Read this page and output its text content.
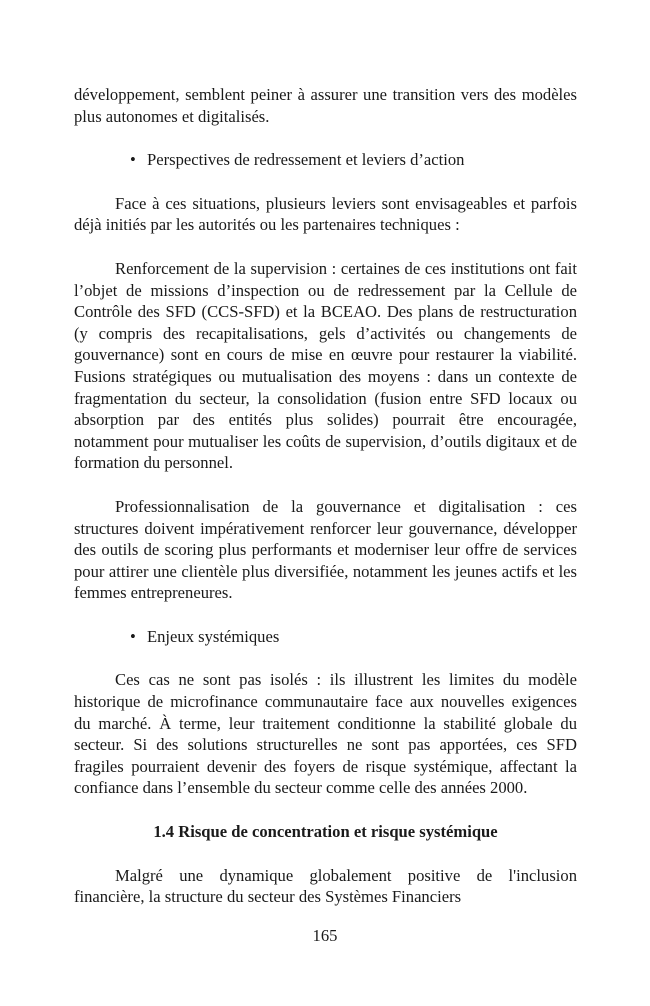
développement, semblent peiner à assurer une transition vers des modèles plus autonomes et digitalisés.

• Perspectives de redressement et leviers d’action

Face à ces situations, plusieurs leviers sont envisageables et parfois déjà initiés par les autorités ou les partenaires techniques :

Renforcement de la supervision : certaines de ces institutions ont fait l’objet de missions d’inspection ou de redressement par la Cellule de Contrôle des SFD (CCS-SFD) et la BCEAO. Des plans de restructuration (y compris des recapitalisations, gels d’activités ou changements de gouvernance) sont en cours de mise en œuvre pour restaurer la viabilité. Fusions stratégiques ou mutualisation des moyens : dans un contexte de fragmentation du secteur, la consolidation (fusion entre SFD locaux ou absorption par des entités plus solides) pourrait être encouragée, notamment pour mutualiser les coûts de supervision, d’outils digitaux et de formation du personnel.

Professionnalisation de la gouvernance et digitalisation : ces structures doivent impérativement renforcer leur gouvernance, développer des outils de scoring plus performants et moderniser leur offre de services pour attirer une clientèle plus diversifiée, notamment les jeunes actifs et les femmes entrepreneures.

• Enjeux systémiques

Ces cas ne sont pas isolés : ils illustrent les limites du modèle historique de microfinance communautaire face aux nouvelles exigences du marché. À terme, leur traitement conditionne la stabilité globale du secteur. Si des solutions structurelles ne sont pas apportées, ces SFD fragiles pourraient devenir des foyers de risque systémique, affectant la confiance dans l’ensemble du secteur comme celle des années 2000.

1.4 Risque de concentration et risque systémique

Malgré une dynamique globalement positive de l'inclusion financière, la structure du secteur des Systèmes Financiers

165
